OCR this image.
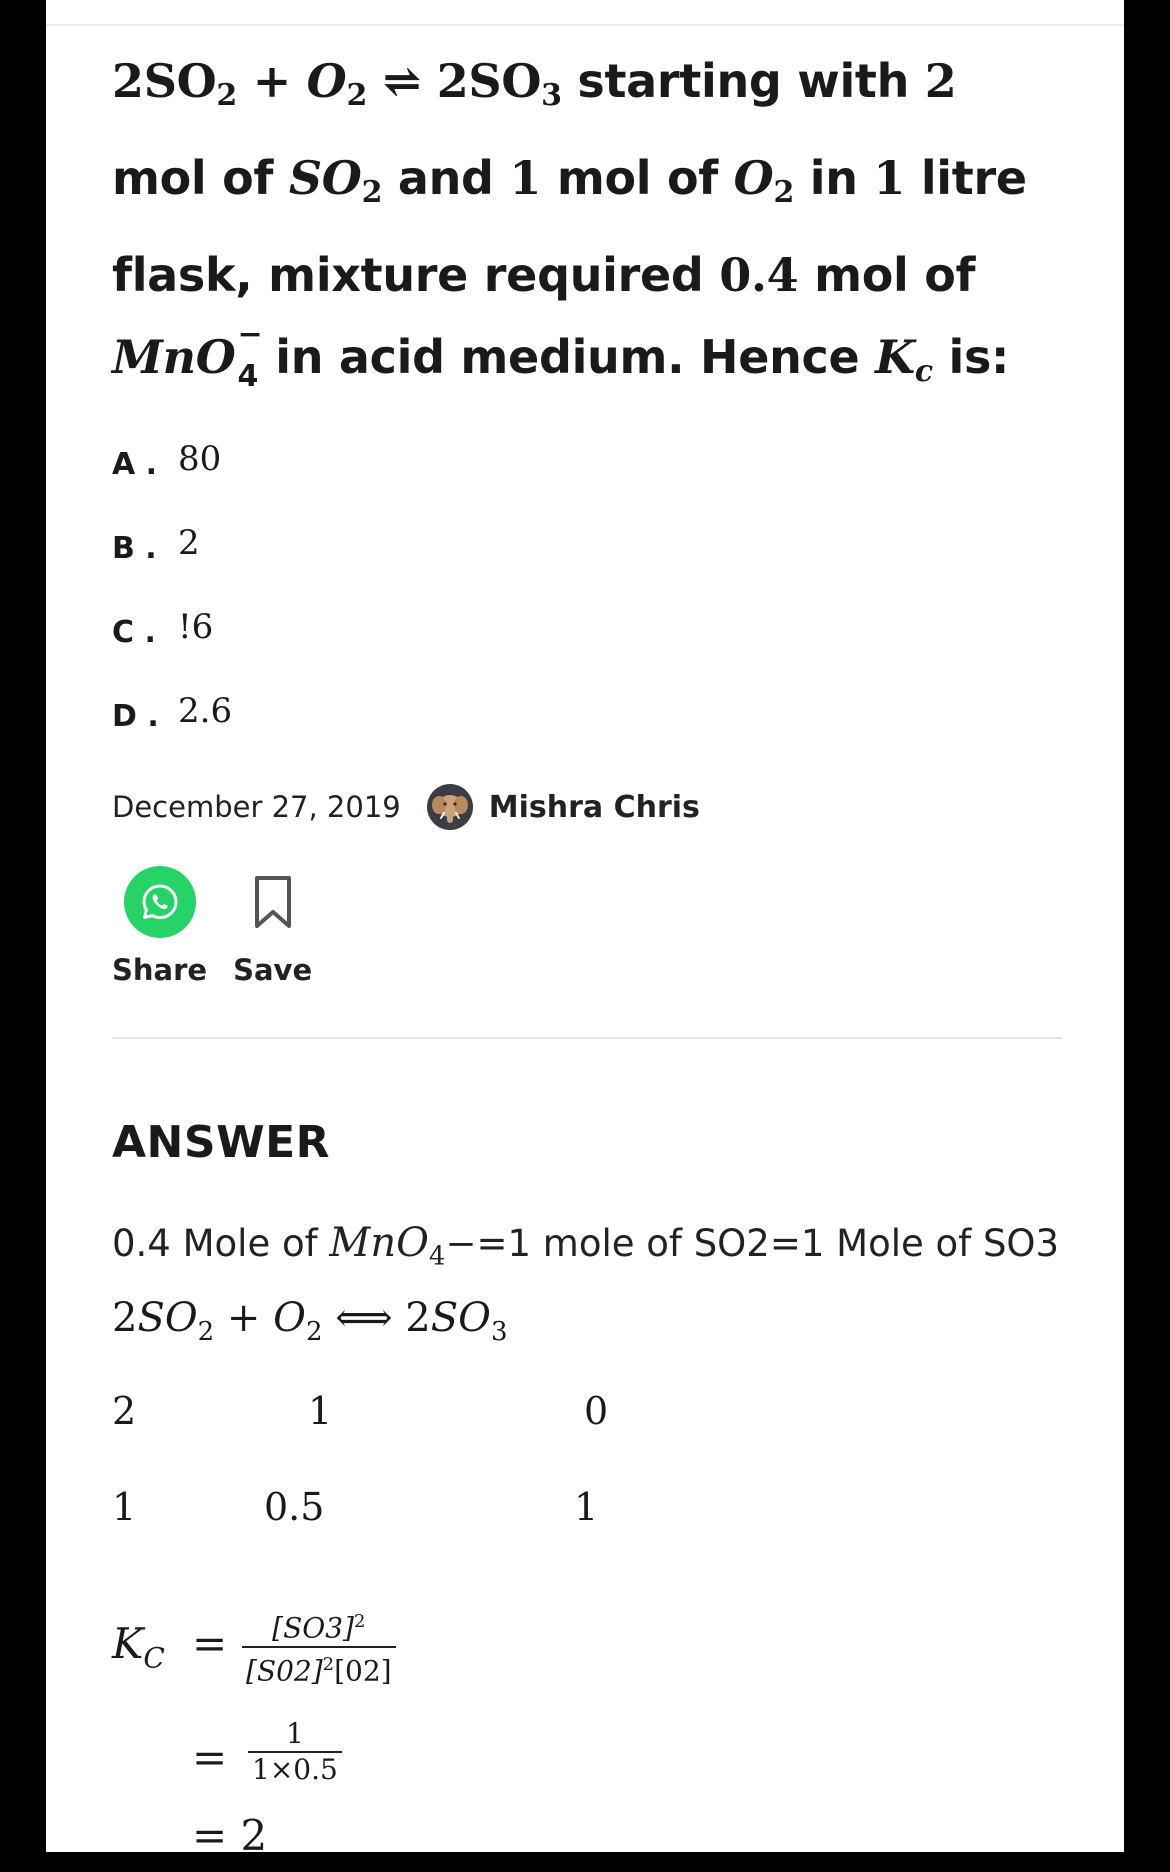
$2SO_2 + O_2$ ⇌ $2SO_3$ starting with 2
mol of $SO_2$ and 1 mol of $O_2$ in 1 litre
flask, mixture required 0.4 mol of
MnO −
4 in acid medium. Hence $K_c$ is:
A . 80
B . 2
C . !6
D . 2.6
December 27, 2019	Mishra Chris
Share Save
ANSWER
0.4 Mole of MnO$_4$−=1 mole of SO2=1 Mole of SO3
$2SO_2 + O_2$ ⟺ $2SO_3$
2	1	0
1	0.5	1
$K_C = [SO3]^2$
$[S02]^2[02]$
= 1
1×0.5
= 2
